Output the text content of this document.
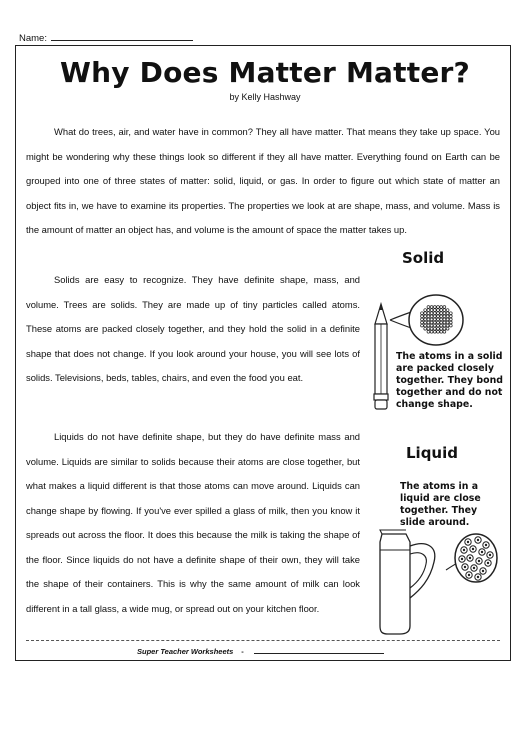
Name:
Why Does Matter Matter?
by Kelly Hashway

What do trees, air, and water have in common? They all have matter. That means they take up space. You might be wondering why these things look so different if they all have matter. Everything found on Earth can be grouped into one of three states of matter: solid, liquid, or gas. In order to figure out which state of matter an object fits in, we have to examine its properties. The properties we look at are shape, mass, and volume. Mass is the amount of matter an object has, and volume is the amount of space the matter takes up.

Solids are easy to recognize. They have definite shape, mass, and volume. Trees are solids. They are made up of tiny particles called atoms. These atoms are packed closely together, and they hold the solid in a definite shape that does not change. If you look around your house, you will see lots of solids. Televisions, beds, tables, chairs, and even the food you eat.

Liquids do not have definite shape, but they do have definite mass and volume. Liquids are similar to solids because their atoms are close together, but what makes a liquid different is that those atoms can move around. Liquids can change shape by flowing. If you've ever spilled a glass of milk, then you know it spreads out across the floor. It does this because the milk is taking the shape of the floor. Since liquids do not have a definite shape of their own, they will take the shape of their containers. This is why the same amount of milk can look different in a tall glass, a wide mug, or spread out on your kitchen floor.

Solid
The atoms in a solid are packed closely together. They bond together and do not change shape.
Liquid
The atoms in a liquid are close together. They slide around.
Super Teacher Worksheets -
